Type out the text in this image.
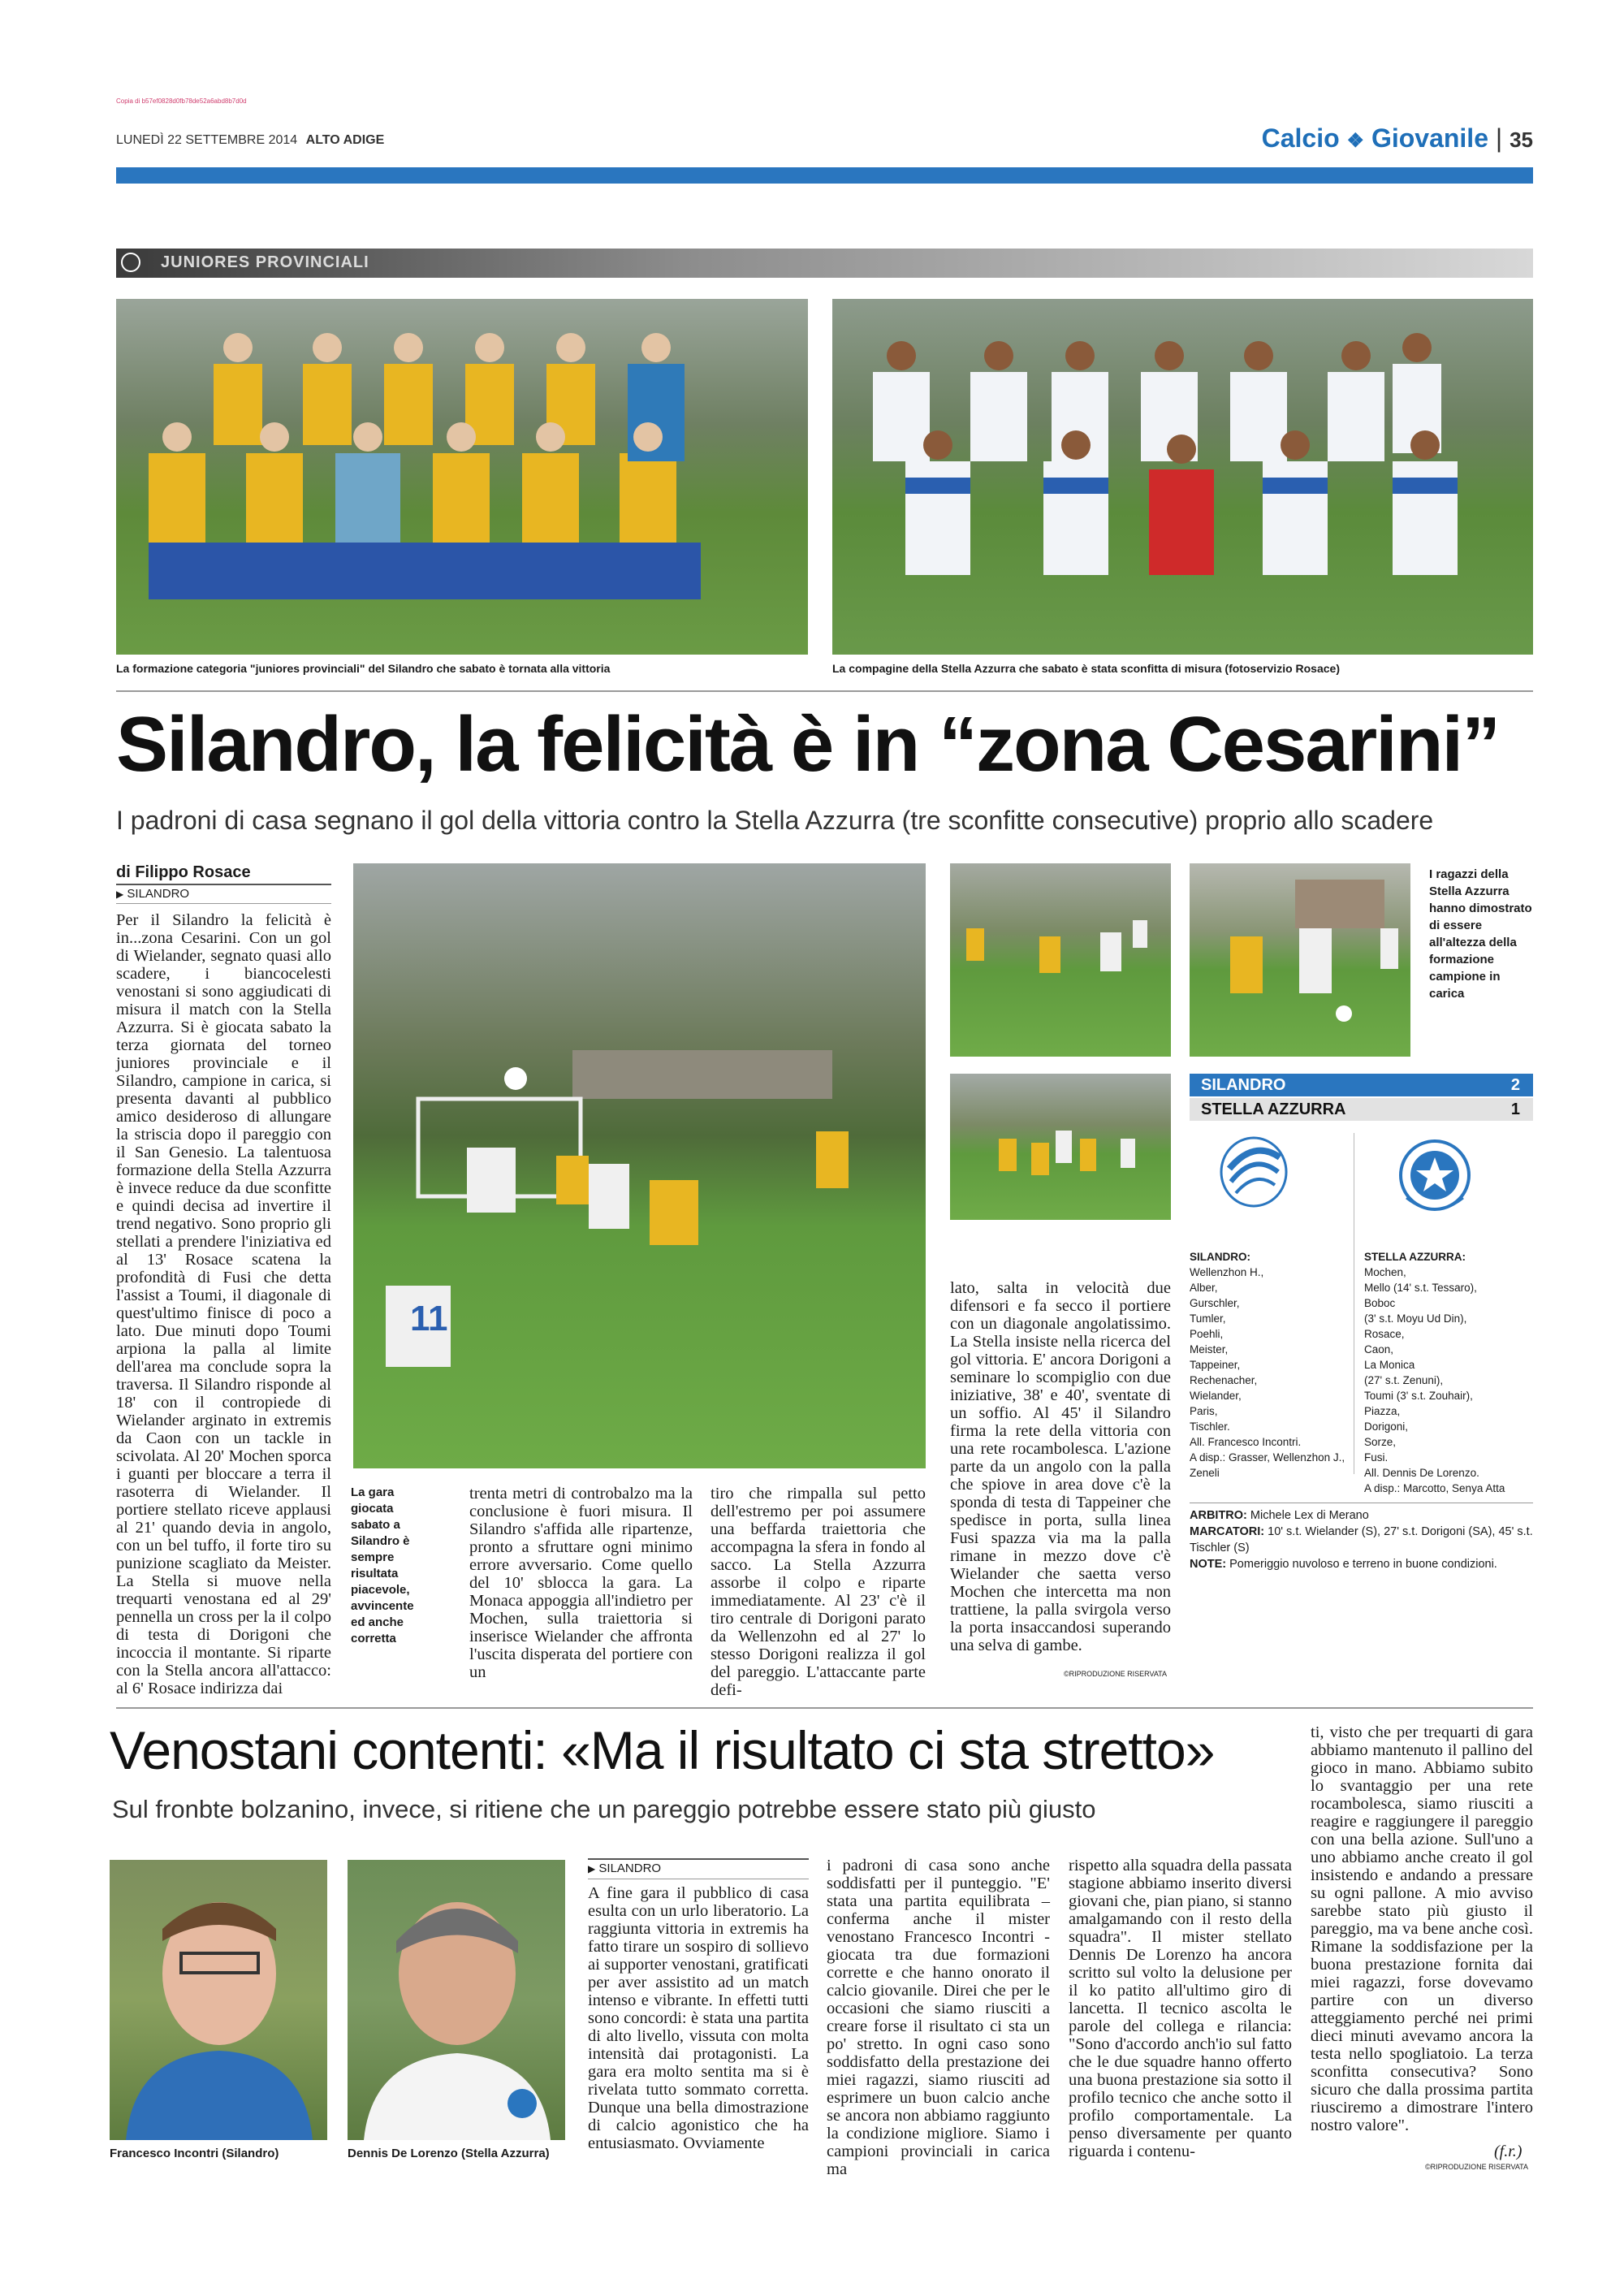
Copia di b57ef0828d0fb78de52a6abd8b7d0d
LUNEDÌ 22 SETTEMBRE 2014 ALTO ADIGE	Calcio ❖ Giovanile | 35
JUNIORES PROVINCIALI
La formazione categoria "juniores provinciali" del Silandro che sabato è tornata alla vittoria	La compagine della Stella Azzurra che sabato è stata sconfitta di misura (fotoservizio Rosace)
Silandro, la felicità è in “zona Cesarini”
I padroni di casa segnano il gol della vittoria contro la Stella Azzurra (tre sconfitte consecutive) proprio allo scadere
di Filippo Rosace
▶ SILANDRO
Per il Silandro la felicità è in...zona Cesarini. Con un gol di Wielander, segnato quasi allo scadere, i biancocelesti venostani si sono aggiudicati di misura il match con la Stella Azzurra. Si è giocata sabato la terza giornata del torneo juniores provinciale e il Silandro, campione in carica, si presenta davanti al pubblico amico desideroso di allungare la striscia dopo il pareggio con il San Genesio. La talentuosa formazione della Stella Azzurra è invece reduce da due sconfitte e quindi decisa ad invertire il trend negativo. Sono proprio gli stellati a prendere l'iniziativa ed al 13' Rosace scatena la profondità di Fusi che detta l'assist a Toumi, il diagonale di quest'ultimo finisce di poco a lato. Due minuti dopo Toumi arpiona la palla al limite dell'area ma conclude sopra la traversa. Il Silandro risponde al 18' con il contropiede di Wielander arginato in extremis da Caon con un tackle in scivolata. Al 20' Mochen sporca i guanti per bloccare a terra il rasoterra di Wielander. Il portiere stellato riceve applausi al 21' quando devia in angolo, con un bel tuffo, il forte tiro su punizione scagliato da Meister. La Stella si muove nella trequarti venostana ed al 29' pennella un cross per la il colpo di testa di Dorigoni che incoccia il montante. Si riparte con la Stella ancora all'attacco: al 6' Rosace indirizza dai
11
La gara giocata sabato a Silandro è sempre risultata piacevole, avvincente ed anche corretta
trenta metri di controbalzo ma la conclusione è fuori misura. Il Silandro s'affida alle ripartenze, pronto a sfruttare ogni minimo errore avversario. Come quello del 10' sblocca la gara. La Monaca appoggia all'indietro per Mochen, sulla traiettoria si inserisce Wielander che affronta l'uscita disperata del portiere con un
tiro che rimpalla sul petto dell'estremo per poi assumere una beffarda traiettoria che accompagna la sfera in fondo al sacco. La Stella Azzurra assorbe il colpo e riparte immediatamente. Al 23' c'è il tiro centrale di Dorigoni parato da Wellenzohn ed al 27' lo stesso Dorigoni realizza il gol del pareggio. L'attaccante parte defi-
I ragazzi della Stella Azzurra hanno dimostrato di essere all'altezza della formazione campione in carica
lato, salta in velocità due difensori e fa secco il portiere con un diagonale angolatissimo. La Stella insiste nella ricerca del gol vittoria. E' ancora Dorigoni a seminare lo scompiglio con due iniziative, 38' e 40', sventate di un soffio. Al 45' il Silandro firma la rete della vittoria con una rete rocambolesca. L'azione parte da un angolo con la palla che spiove in area dove c'è la sponda di testa di Tappeiner che spedisce in porta, sulla linea Fusi spazza via ma la palla rimane in mezzo dove c'è Wielander che saetta verso Mochen che intercetta ma non trattiene, la palla svirgola verso la porta insaccandosi superando una selva di gambe.
©RIPRODUZIONE RISERVATA
SILANDRO	2
STELLA AZZURRA	1
SILANDRO:
Wellenzhon H.,
Alber,
Gurschler,
Tumler,
Poehli,
Meister,
Tappeiner,
Rechenacher,
Wielander,
Paris,
Tischler.
All. Francesco Incontri.
A disp.: Grasser, Wellenzhon J., Zeneli
STELLA AZZURRA:
Mochen,
Mello (14' s.t. Tessaro),
Boboc
(3' s.t. Moyu Ud Din),
Rosace,
Caon,
La Monica
(27' s.t. Zenuni),
Toumi (3' s.t. Zouhair),
Piazza,
Dorigoni,
Sorze,
Fusi.
All. Dennis De Lorenzo.
A disp.: Marcotto, Senya Atta
ARBITRO: Michele Lex di Merano
MARCATORI: 10' s.t. Wielander (S), 27' s.t. Dorigoni (SA), 45' s.t. Tischler (S)
NOTE: Pomeriggio nuvoloso e terreno in buone condizioni.
Venostani contenti: «Ma il risultato ci sta stretto»
Sul fronbte bolzanino, invece, si ritiene che un pareggio potrebbe essere stato più giusto
Francesco Incontri (Silandro)	Dennis De Lorenzo (Stella Azzurra)
▶ SILANDRO
A fine gara il pubblico di casa esulta con un urlo liberatorio. La raggiunta vittoria in extremis ha fatto tirare un sospiro di sollievo ai supporter venostani, gratificati per aver assistito ad un match intenso e vibrante. In effetti tutti sono concordi: è stata una partita di alto livello, vissuta con molta intensità dai protagonisti. La gara era molto sentita ma si è rivelata tutto sommato corretta. Dunque una bella dimostrazione di calcio agonistico che ha entusiasmato. Ovviamente
i padroni di casa sono anche soddisfatti per il punteggio. "E' stata una partita equilibrata – conferma anche il mister venostano Francesco Incontri - giocata tra due formazioni corrette e che hanno onorato il calcio giovanile. Direi che per le occasioni che siamo riusciti a creare forse il risultato ci sta un po' stretto. In ogni caso sono soddisfatto della prestazione dei miei ragazzi, siamo riusciti ad esprimere un buon calcio anche se ancora non abbiamo raggiunto la condizione migliore. Siamo i campioni provinciali in carica ma
rispetto alla squadra della passata stagione abbiamo inserito diversi giovani che, pian piano, si stanno amalgamando con il resto della squadra". Il mister stellato Dennis De Lorenzo ha ancora scritto sul volto la delusione per il ko patito all'ultimo giro di lancetta. Il tecnico ascolta le parole del collega e rilancia: "Sono d'accordo anch'io sul fatto che le due squadre hanno offerto una buona prestazione sia sotto il profilo tecnico che anche sotto il profilo comportamentale. La penso diversamente per quanto riguarda i contenu-
ti, visto che per trequarti di gara abbiamo mantenuto il pallino del gioco in mano. Abbiamo subito lo svantaggio per una rete rocambolesca, siamo riusciti a reagire e raggiungere il pareggio con una bella azione. Sull'uno a uno abbiamo anche creato il gol insistendo e andando a pressare su ogni pallone. A mio avviso sarebbe stato più giusto il pareggio, ma va bene anche così. Rimane la soddisfazione per la buona prestazione fornita dai miei ragazzi, forse dovevamo partire con un diverso atteggiamento perché nei primi dieci minuti avevamo ancora la testa nello spogliatoio. La terza sconfitta consecutiva? Sono sicuro che dalla prossima partita riusciremo a dimostrare l'intero nostro valore".
(f.r.)
©RIPRODUZIONE RISERVATA
